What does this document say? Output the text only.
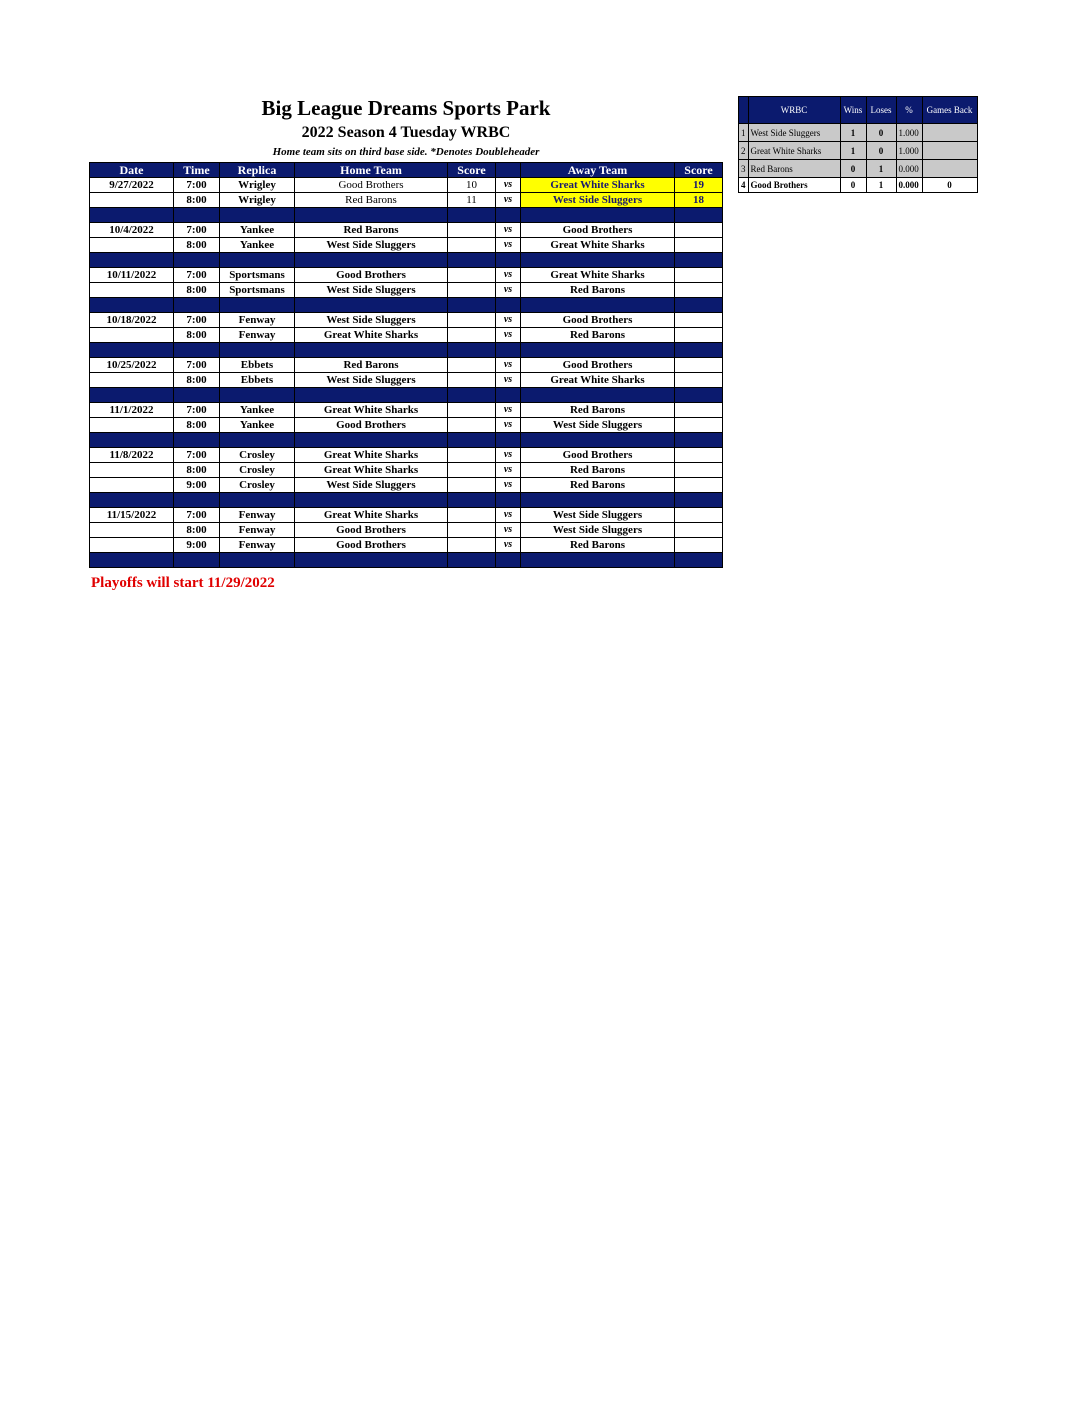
Big League Dreams Sports Park
2022 Season 4 Tuesday WRBC
Home team sits on third base side. *Denotes Doubleheader
Date	Time	Replica	Home Team	Score		Away Team	Score
9/27/2022	7:00	Wrigley	Good Brothers	10	vs	Great White Sharks	19
	8:00	Wrigley	Red Barons	11	vs	West Side Sluggers	18

10/4/2022	7:00	Yankee	Red Barons		vs	Good Brothers	
	8:00	Yankee	West Side Sluggers		vs	Great White Sharks	

10/11/2022	7:00	Sportsmans	Good Brothers		vs	Great White Sharks	
	8:00	Sportsmans	West Side Sluggers		vs	Red Barons	

10/18/2022	7:00	Fenway	West Side Sluggers		vs	Good Brothers	
	8:00	Fenway	Great White Sharks		vs	Red Barons	

10/25/2022	7:00	Ebbets	Red Barons		vs	Good Brothers	
	8:00	Ebbets	West Side Sluggers		vs	Great White Sharks	

11/1/2022	7:00	Yankee	Great White Sharks		vs	Red Barons	
	8:00	Yankee	Good Brothers		vs	West Side Sluggers	

11/8/2022	7:00	Crosley	Great White Sharks		vs	Good Brothers	
	8:00	Crosley	Great White Sharks		vs	Red Barons	
	9:00	Crosley	West Side Sluggers		vs	Red Barons	

11/15/2022	7:00	Fenway	Great White Sharks		vs	West Side Sluggers	
	8:00	Fenway	Good Brothers		vs	West Side Sluggers	
	9:00	Fenway	Good Brothers		vs	Red Barons	

Playoffs will start 11/29/2022
	WRBC	Wins	Loses	%	Games Back
1	West Side Sluggers	1	0	1.000	
2	Great White Sharks	1	0	1.000	
3	Red Barons	0	1	0.000	
4	Good Brothers	0	1	0.000	0
